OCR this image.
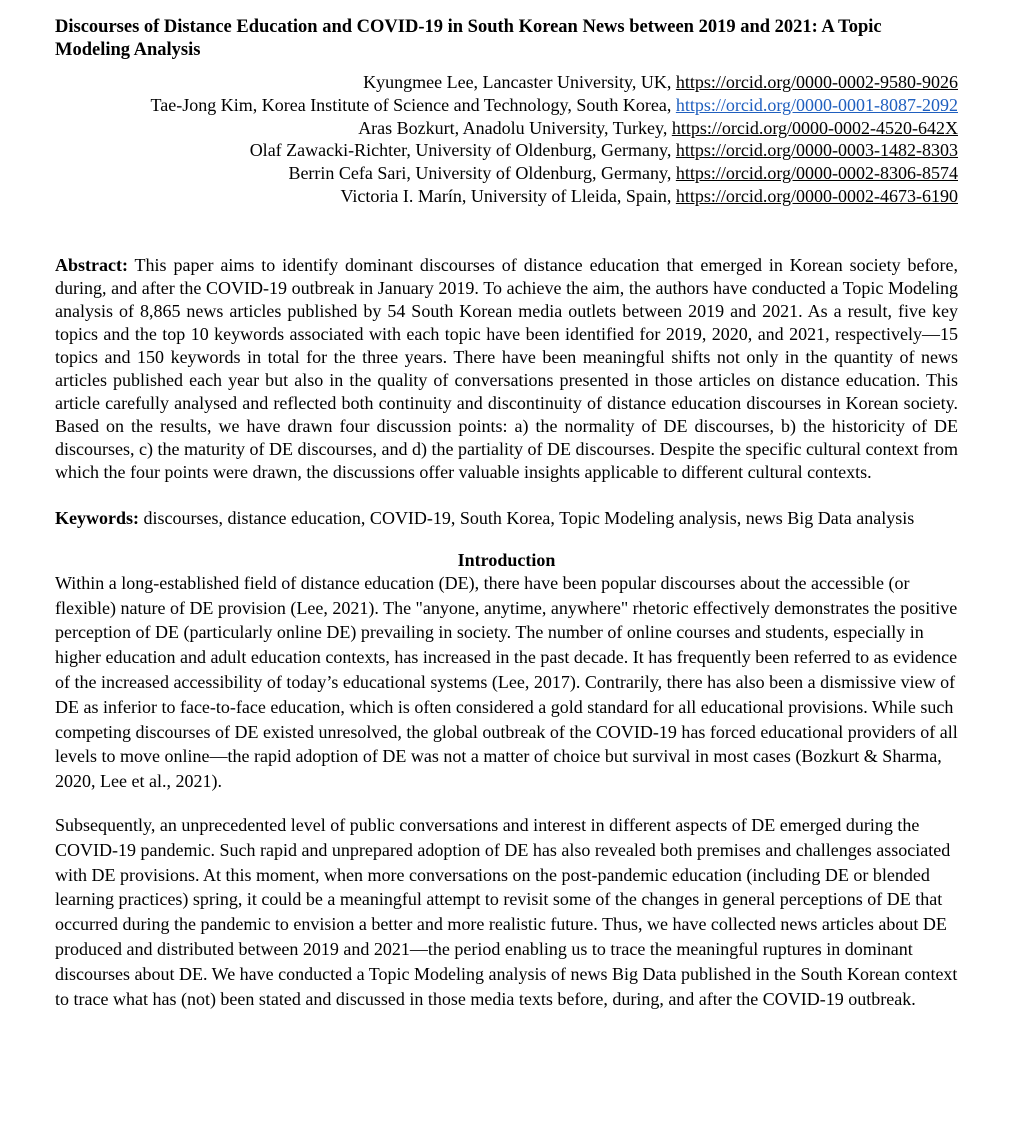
Discourses of Distance Education and COVID-19 in South Korean News between 2019 and 2021: A Topic Modeling Analysis
Kyungmee Lee, Lancaster University, UK, https://orcid.org/0000-0002-9580-9026
Tae-Jong Kim, Korea Institute of Science and Technology, South Korea, https://orcid.org/0000-0001-8087-2092
Aras Bozkurt, Anadolu University, Turkey, https://orcid.org/0000-0002-4520-642X
Olaf Zawacki-Richter, University of Oldenburg, Germany, https://orcid.org/0000-0003-1482-8303
Berrin Cefa Sari, University of Oldenburg, Germany, https://orcid.org/0000-0002-8306-8574
Victoria I. Marín, University of Lleida, Spain, https://orcid.org/0000-0002-4673-6190
Abstract: This paper aims to identify dominant discourses of distance education that emerged in Korean society before, during, and after the COVID-19 outbreak in January 2019. To achieve the aim, the authors have conducted a Topic Modeling analysis of 8,865 news articles published by 54 South Korean media outlets between 2019 and 2021. As a result, five key topics and the top 10 keywords associated with each topic have been identified for 2019, 2020, and 2021, respectively—15 topics and 150 keywords in total for the three years. There have been meaningful shifts not only in the quantity of news articles published each year but also in the quality of conversations presented in those articles on distance education. This article carefully analysed and reflected both continuity and discontinuity of distance education discourses in Korean society. Based on the results, we have drawn four discussion points: a) the normality of DE discourses, b) the historicity of DE discourses, c) the maturity of DE discourses, and d) the partiality of DE discourses. Despite the specific cultural context from which the four points were drawn, the discussions offer valuable insights applicable to different cultural contexts.
Keywords: discourses, distance education, COVID-19, South Korea, Topic Modeling analysis, news Big Data analysis
Introduction

Within a long-established field of distance education (DE), there have been popular discourses about the accessible (or flexible) nature of DE provision (Lee, 2021). The "anyone, anytime, anywhere" rhetoric effectively demonstrates the positive perception of DE (particularly online DE) prevailing in society. The number of online courses and students, especially in higher education and adult education contexts, has increased in the past decade. It has frequently been referred to as evidence of the increased accessibility of today’s educational systems (Lee, 2017). Contrarily, there has also been a dismissive view of DE as inferior to face-to-face education, which is often considered a gold standard for all educational provisions. While such competing discourses of DE existed unresolved, the global outbreak of the COVID-19 has forced educational providers of all levels to move online—the rapid adoption of DE was not a matter of choice but survival in most cases (Bozkurt & Sharma, 2020, Lee et al., 2021).

Subsequently, an unprecedented level of public conversations and interest in different aspects of DE emerged during the COVID-19 pandemic. Such rapid and unprepared adoption of DE has also revealed both premises and challenges associated with DE provisions. At this moment, when more conversations on the post-pandemic education (including DE or blended learning practices) spring, it could be a meaningful attempt to revisit some of the changes in general perceptions of DE that occurred during the pandemic to envision a better and more realistic future. Thus, we have collected news articles about DE produced and distributed between 2019 and 2021—the period enabling us to trace the meaningful ruptures in dominant discourses about DE. We have conducted a Topic Modeling analysis of news Big Data published in the South Korean context to trace what has (not) been stated and discussed in those media texts before, during, and after the COVID-19 outbreak.
